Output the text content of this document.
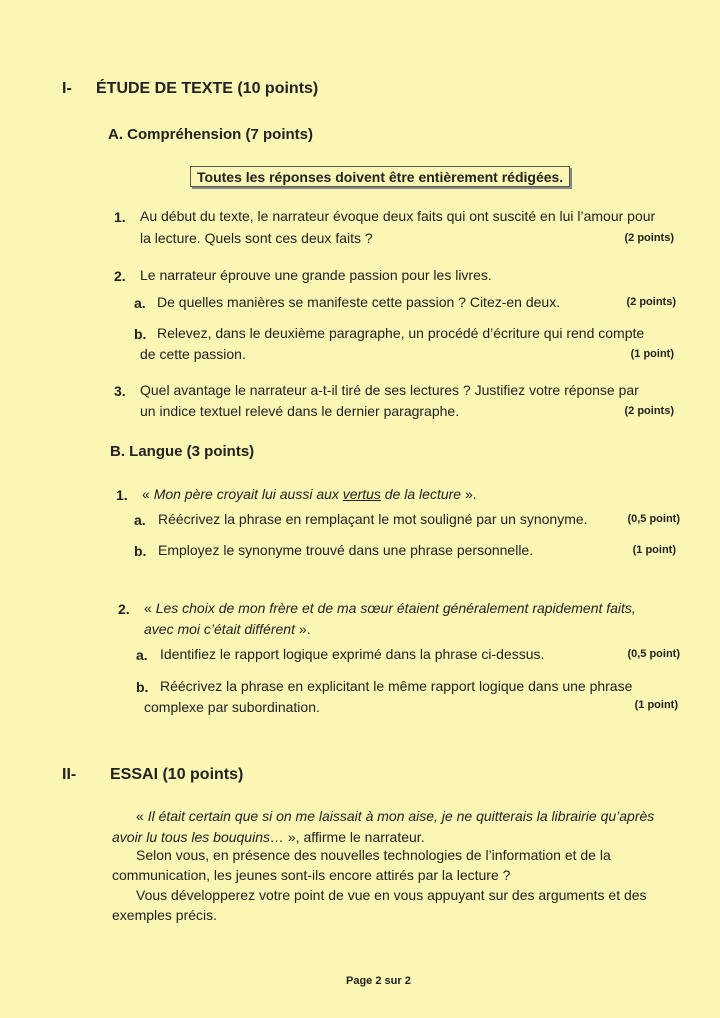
I- ÉTUDE DE TEXTE (10 points)
A. Compréhension (7 points)
Toutes les réponses doivent être entièrement rédigées.
1. Au début du texte, le narrateur évoque deux faits qui ont suscité en lui l’amour pour
la lecture. Quels sont ces deux faits ?	(2 points)
2. Le narrateur éprouve une grande passion pour les livres.
a. De quelles manières se manifeste cette passion ? Citez-en deux.	(2 points)
b. Relevez, dans le deuxième paragraphe, un procédé d’écriture qui rend compte
de cette passion.	(1 point)
3. Quel avantage le narrateur a-t-il tiré de ses lectures ? Justifiez votre réponse par
un indice textuel relevé dans le dernier paragraphe.	(2 points)
B. Langue (3 points)
1. « Mon père croyait lui aussi aux vertus de la lecture ».
a. Réécrivez la phrase en remplaçant le mot souligné par un synonyme.	(0,5 point)
b. Employez le synonyme trouvé dans une phrase personnelle.	(1 point)
2. « Les choix de mon frère et de ma sœur étaient généralement rapidement faits,
avec moi c’était différent ».
a. Identifiez le rapport logique exprimé dans la phrase ci-dessus.	(0,5 point)
b. Réécrivez la phrase en explicitant le même rapport logique dans une phrase
complexe par subordination.	(1 point)
II- ESSAI (10 points)
« Il était certain que si on me laissait à mon aise, je ne quitterais la librairie qu’après
avoir lu tous les bouquins… », affirme le narrateur.
Selon vous, en présence des nouvelles technologies de l’information et de la
communication, les jeunes sont-ils encore attirés par la lecture ?
Vous développerez votre point de vue en vous appuyant sur des arguments et des
exemples précis.
Page 2 sur 2
